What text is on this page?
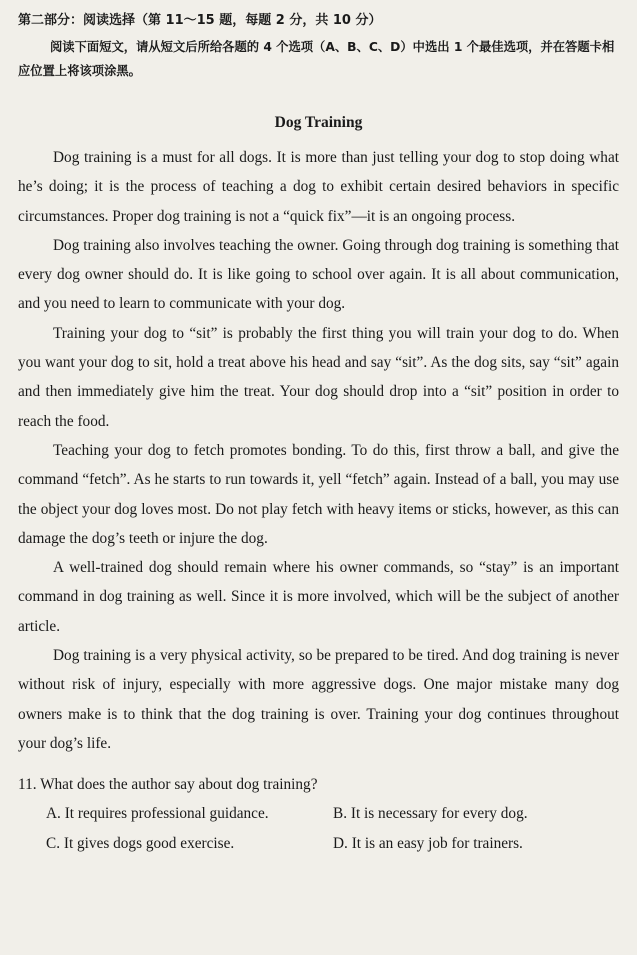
第二部分：阅读选择（第 11～15 题，每题 2 分，共 10 分）
阅读下面短文，请从短文后所给各题的 4 个选项（A、B、C、D）中选出 1 个最佳选项，并在答题卡相应位置上将该项涂黑。
Dog Training

Dog training is a must for all dogs. It is more than just telling your dog to stop doing what he’s doing; it is the process of teaching a dog to exhibit certain desired behaviors in specific circumstances. Proper dog training is not a “quick fix”—it is an ongoing process.

Dog training also involves teaching the owner. Going through dog training is something that every dog owner should do. It is like going to school over again. It is all about communication, and you need to learn to communicate with your dog.

Training your dog to “sit” is probably the first thing you will train your dog to do. When you want your dog to sit, hold a treat above his head and say “sit”. As the dog sits, say “sit” again and then immediately give him the treat. Your dog should drop into a “sit” position in order to reach the food.

Teaching your dog to fetch promotes bonding. To do this, first throw a ball, and give the command “fetch”. As he starts to run towards it, yell “fetch” again. Instead of a ball, you may use the object your dog loves most. Do not play fetch with heavy items or sticks, however, as this can damage the dog’s teeth or injure the dog.

A well-trained dog should remain where his owner commands, so “stay” is an important command in dog training as well. Since it is more involved, which will be the subject of another article.

Dog training is a very physical activity, so be prepared to be tired. And dog training is never without risk of injury, especially with more aggressive dogs. One major mistake many dog owners make is to think that the dog training is over. Training your dog continues throughout your dog’s life.

11. What does the author say about dog training?
A. It requires professional guidance.	B. It is necessary for every dog.
C. It gives dogs good exercise.	D. It is an easy job for trainers.
